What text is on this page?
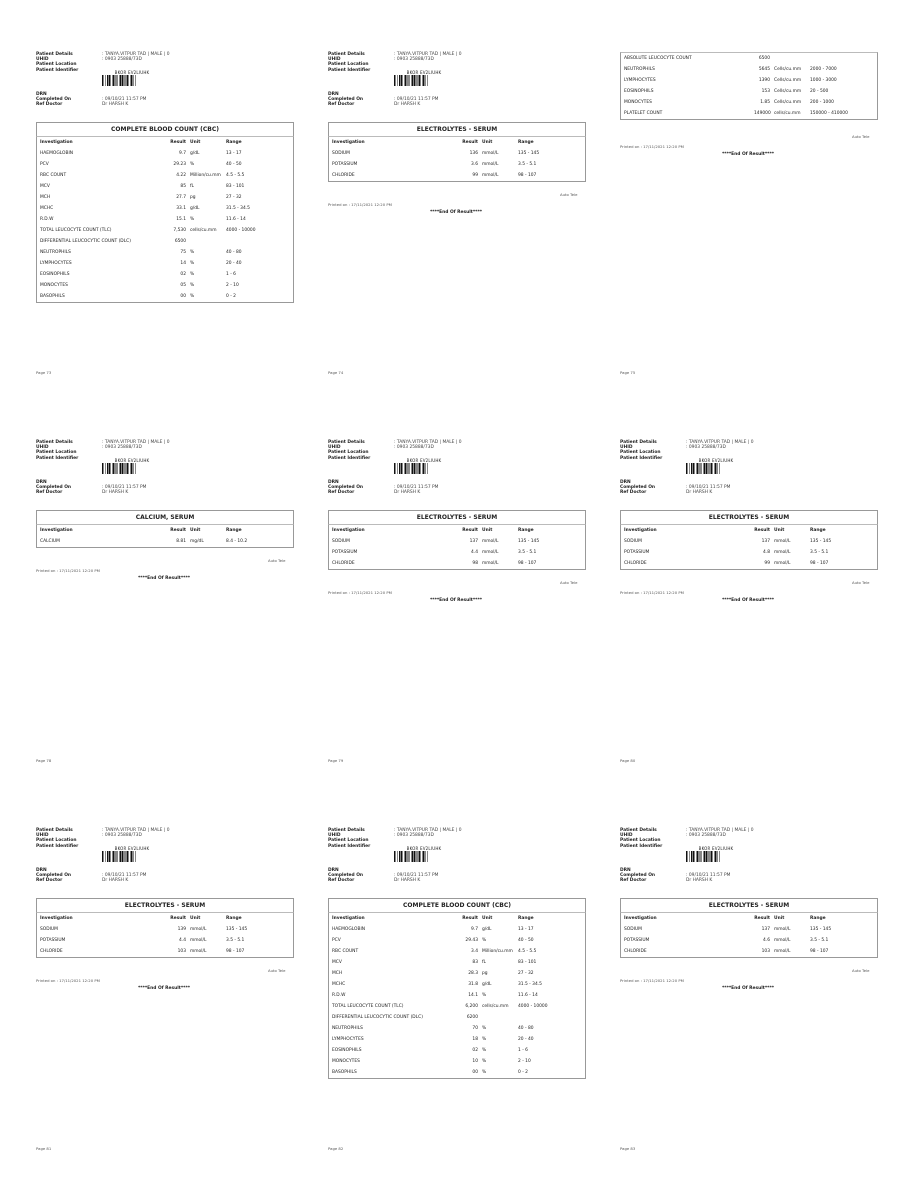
Patient Details	: TANYA.VITPUR TAD | MALE | 0
UHID	: 0903 25888/73D
Patient Location
Patient Identifier	BKOR EV2LIUHK
DRN
Completed On	: 09/10/21 11:57 PM
Ref Doctor	Dr HARSH K
COMPLETE BLOOD COUNT (CBC)
Investigation	Result Unit	Range
HAEMOGLOBIN	9.7 g/dL	13 - 17
PCV	29.23 %	40 - 50
RBC COUNT	4.22 Million/cu.mm	4.5 - 5.5
MCV	85 fL	83 - 101
MCH	27.7 pg	27 - 32
MCHC	33.1 g/dL	31.5 - 34.5
R.D.W	15.1 %	11.6 - 14
TOTAL LEUCOCYTE COUNT (TLC)	7,530 cells/cu.mm	4000 - 10000
DIFFERENTIAL LEUCOCYTIC COUNT (DLC)	6500
NEUTROPHILS	75 %	40 - 80
LYMPHOCYTES	14 %	20 - 40
EOSINOPHILS	02 %	1 - 6
MONOCYTES	05 %	2 - 10
BASOPHILS	00 %	0 - 2
Page 73
Patient Details	: TANYA.VITPUR TAD | MALE | 0
UHID	: 0903 25888/73D
Patient Location
Patient Identifier	BKOR EV2LIUHK
DRN
Completed On	: 09/10/21 11:57 PM
Ref Doctor	Dr HARSH K
ELECTROLYTES - SERUM
Investigation	Result Unit	Range
SODIUM	136 mmol/L	135 - 145
POTASSIUM	3.6 mmol/L	3.5 - 5.1
CHLORIDE	99 mmol/L	98 - 107
Auto Tele
Printed on : 17/11/2021 12:20 PM
****End Of Result****
Page 74
ABSOLUTE LEUCOCYTE COUNT	6500
NEUTROPHILS	5645 Cells/cu.mm	2000 - 7000
LYMPHOCYTES	1390 Cells/cu.mm	1000 - 3000
EOSINOPHILS	153 Cells/cu.mm	20 - 500
MONOCYTES	1.85 Cells/cu.mm	200 - 1000
PLATELET COUNT	149000 cells/cu.mm	150000 - 410000
Auto Tele
Printed on : 17/11/2021 12:20 PM
****End Of Result****
Page 75
Patient Details	: TANYA.VITPUR TAD | MALE | 0
UHID	: 0903 25888/73D
Patient Location
Patient Identifier	BKOR EV2LIUHK
DRN
Completed On	: 09/10/21 11:57 PM
Ref Doctor	Dr HARSH K
CALCIUM, SERUM
Investigation	Result Unit	Range
CALCIUM	8.81 mg/dL	8.4 - 10.2
Auto Tele
Printed on : 17/11/2021 12:20 PM
****End Of Result****
Page 78
Patient Details	: TANYA.VITPUR TAD | MALE | 0
UHID	: 0903 25888/73D
Patient Location
Patient Identifier	BKOR EV2LIUHK
DRN
Completed On	: 09/10/21 11:57 PM
Ref Doctor	Dr HARSH K
ELECTROLYTES - SERUM
Investigation	Result Unit	Range
SODIUM	137 mmol/L	135 - 145
POTASSIUM	4.4 mmol/L	3.5 - 5.1
CHLORIDE	98 mmol/L	98 - 107
Auto Tele
Printed on : 17/11/2021 12:20 PM
****End Of Result****
Page 79
Patient Details	: TANYA.VITPUR TAD | MALE | 0
UHID	: 0903 25888/73D
Patient Location
Patient Identifier	BKOR EV2LIUHK
DRN
Completed On	: 09/10/21 11:57 PM
Ref Doctor	Dr HARSH K
ELECTROLYTES - SERUM
Investigation	Result Unit	Range
SODIUM	137 mmol/L	135 - 145
POTASSIUM	4.8 mmol/L	3.5 - 5.1
CHLORIDE	99 mmol/L	98 - 107
Auto Tele
Printed on : 17/11/2021 12:20 PM
****End Of Result****
Page 80
Patient Details	: TANYA.VITPUR TAD | MALE | 0
UHID	: 0903 25888/73D
Patient Location
Patient Identifier	BKOR EV2LIUHK
DRN
Completed On	: 09/10/21 11:57 PM
Ref Doctor	Dr HARSH K
ELECTROLYTES - SERUM
Investigation	Result Unit	Range
SODIUM	139 mmol/L	135 - 145
POTASSIUM	4.4 mmol/L	3.5 - 5.1
CHLORIDE	103 mmol/L	98 - 107
Auto Tele
Printed on : 17/11/2021 12:20 PM
****End Of Result****
Page 81
Patient Details	: TANYA.VITPUR TAD | MALE | 0
UHID	: 0903 25888/73D
Patient Location
Patient Identifier	BKOR EV2LIUHK
DRN
Completed On	: 09/10/21 11:57 PM
Ref Doctor	Dr HARSH K
COMPLETE BLOOD COUNT (CBC)
Investigation	Result Unit	Range
HAEMOGLOBIN	9.7 g/dL	13 - 17
PCV	29.43 %	40 - 50
RBC COUNT	3.4 Million/cu.mm	4.5 - 5.5
MCV	83 fL	83 - 101
MCH	28.3 pg	27 - 32
MCHC	31.8 g/dL	31.5 - 34.5
R.D.W	14.1 %	11.6 - 14
TOTAL LEUCOCYTE COUNT (TLC)	6,200 cells/cu.mm	4000 - 10000
DIFFERENTIAL LEUCOCYTIC COUNT (DLC)	6200
NEUTROPHILS	70 %	40 - 80
LYMPHOCYTES	18 %	20 - 40
EOSINOPHILS	02 %	1 - 6
MONOCYTES	10 %	2 - 10
BASOPHILS	00 %	0 - 2
Page 82
Patient Details	: TANYA.VITPUR TAD | MALE | 0
UHID	: 0903 25888/73D
Patient Location
Patient Identifier	BKOR EV2LIUHK
DRN
Completed On	: 09/10/21 11:57 PM
Ref Doctor	Dr HARSH K
ELECTROLYTES - SERUM
Investigation	Result Unit	Range
SODIUM	137 mmol/L	135 - 145
POTASSIUM	4.6 mmol/L	3.5 - 5.1
CHLORIDE	103 mmol/L	98 - 107
Auto Tele
Printed on : 17/11/2021 12:20 PM
****End Of Result****
Page 83
